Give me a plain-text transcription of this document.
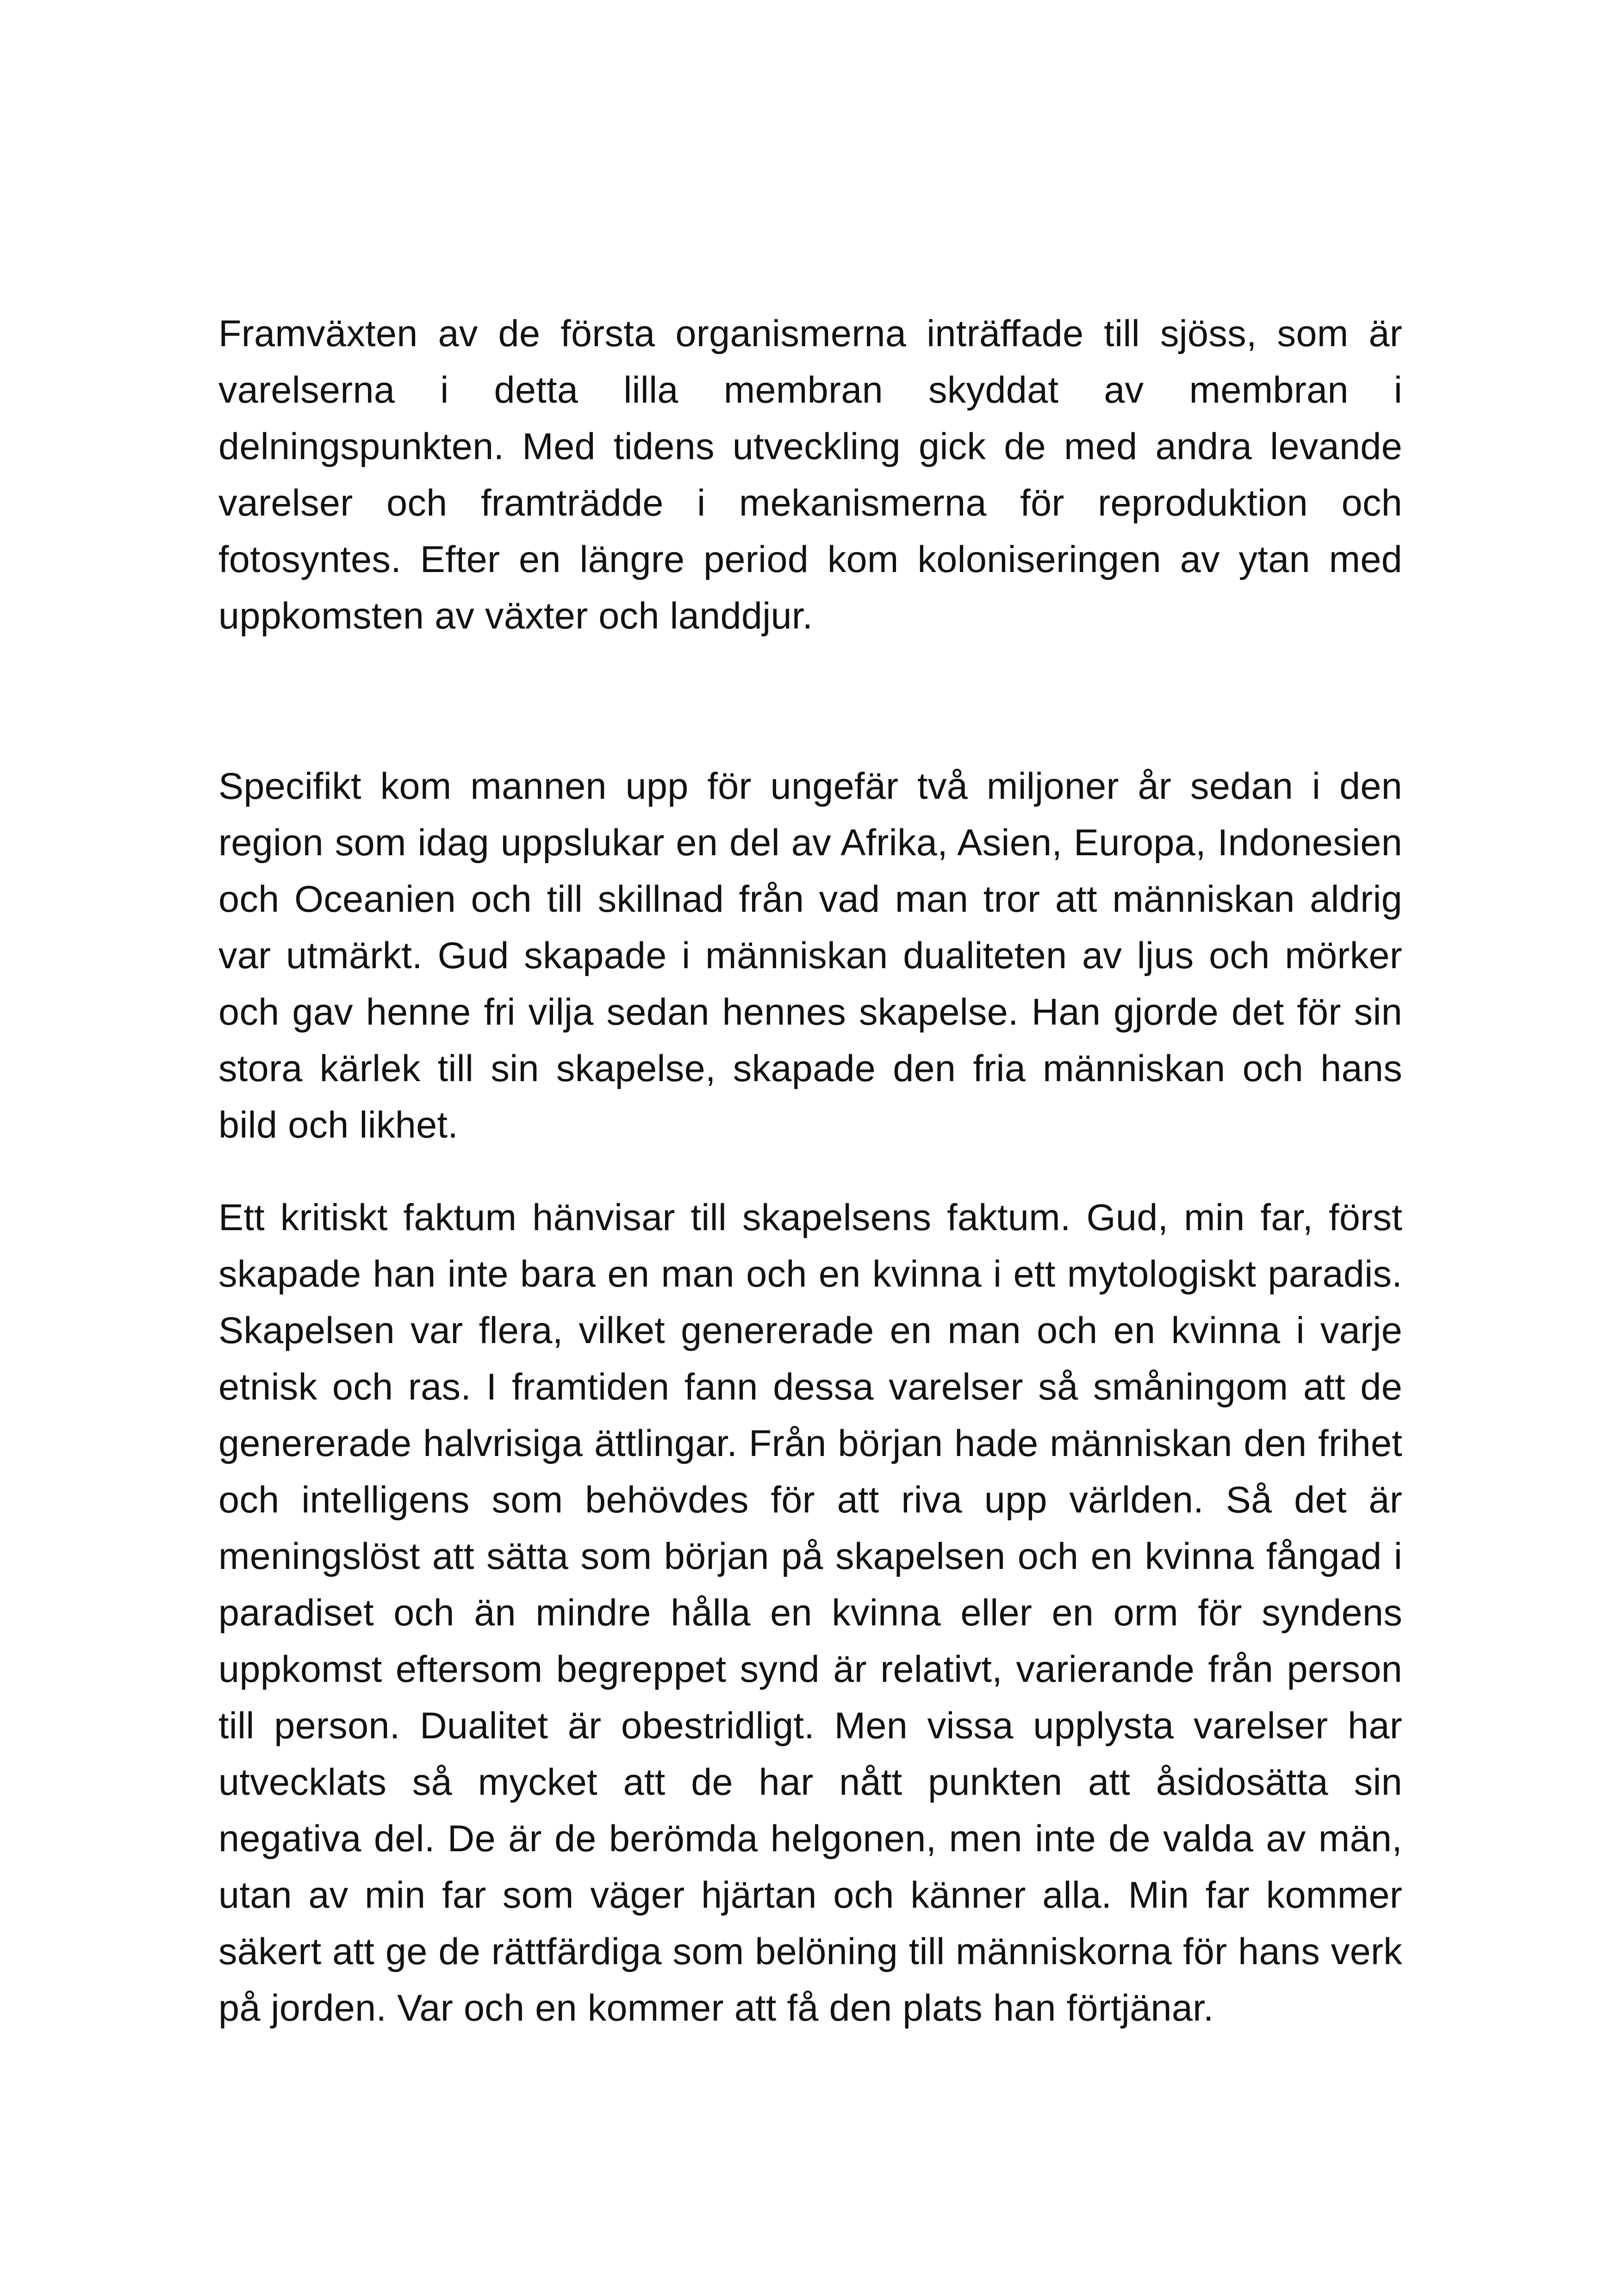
Framväxten av de första organismerna inträffade till sjöss, som är varelserna i detta lilla membran skyddat av membran i delningspunkten. Med tidens utveckling gick de med andra levande varelser och framträdde i mekanismerna för reproduktion och fotosyntes. Efter en längre period kom koloniseringen av ytan med uppkomsten av växter och landdjur.

Specifikt kom mannen upp för ungefär två miljoner år sedan i den region som idag uppslukar en del av Afrika, Asien, Europa, Indonesien och Oceanien och till skillnad från vad man tror att människan aldrig var utmärkt. Gud skapade i människan dualiteten av ljus och mörker och gav henne fri vilja sedan hennes skapelse. Han gjorde det för sin stora kärlek till sin skapelse, skapade den fria människan och hans bild och likhet.

Ett kritiskt faktum hänvisar till skapelsens faktum. Gud, min far, först skapade han inte bara en man och en kvinna i ett mytologiskt paradis. Skapelsen var flera, vilket genererade en man och en kvinna i varje etnisk och ras. I framtiden fann dessa varelser så småningom att de genererade halvrisiga ättlingar. Från början hade människan den frihet och intelligens som behövdes för att riva upp världen. Så det är meningslöst att sätta som början på skapelsen och en kvinna fångad i paradiset och än mindre hålla en kvinna eller en orm för syndens uppkomst eftersom begreppet synd är relativt, varierande från person till person. Dualitet är obestridligt. Men vissa upplysta varelser har utvecklats så mycket att de har nått punkten att åsidosätta sin negativa del. De är de berömda helgonen, men inte de valda av män, utan av min far som väger hjärtan och känner alla. Min far kommer säkert att ge de rättfärdiga som belöning till människorna för hans verk på jorden. Var och en kommer att få den plats han förtjänar.
